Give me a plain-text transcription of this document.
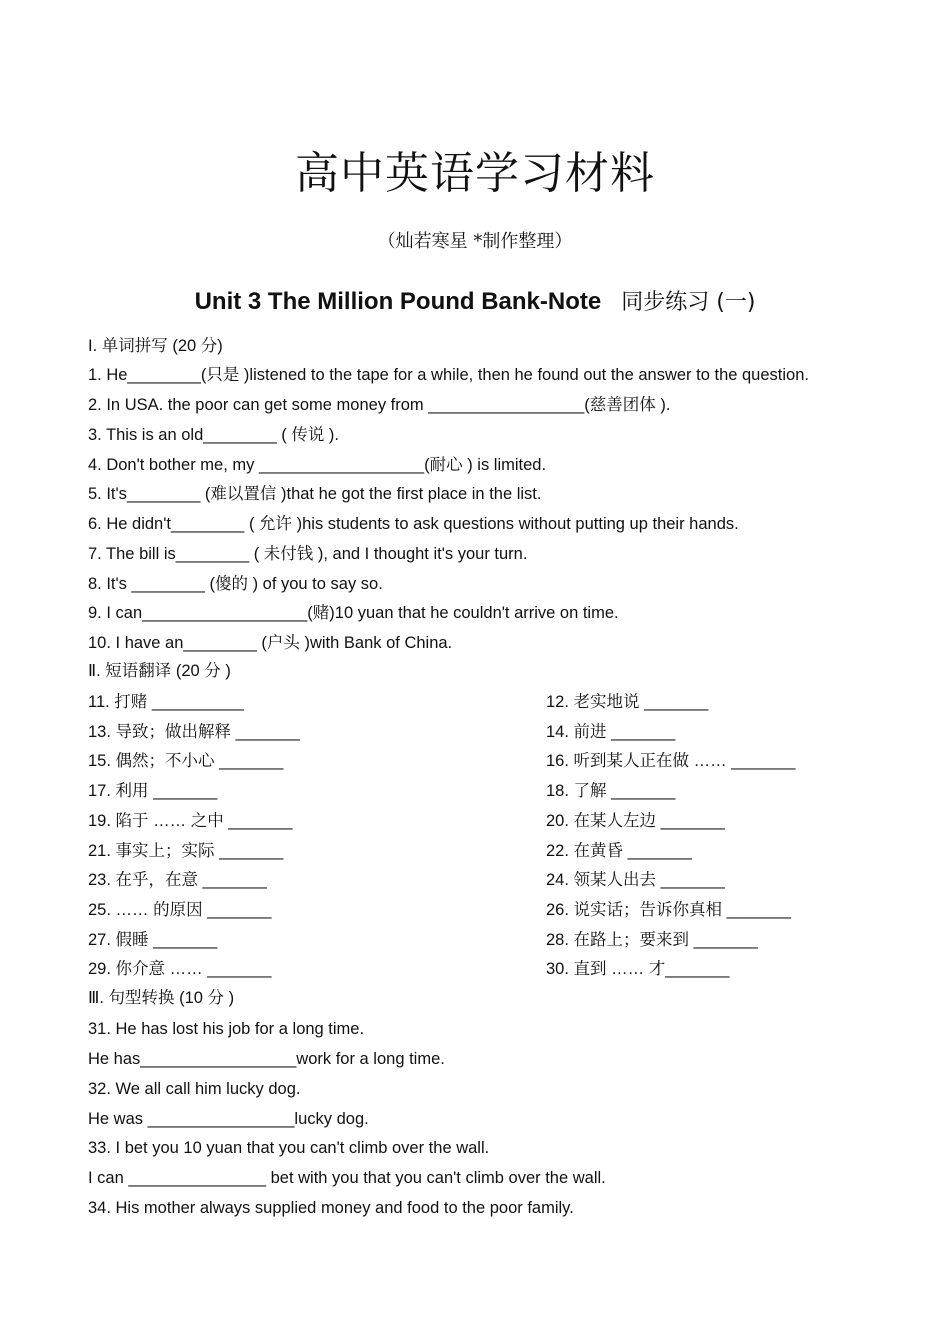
高中英语学习材料
（灿若寒星 *制作整理）
Unit 3 The Million Pound Bank-Note 同步练习 (一)
I. 单词拼写 (20 分)
1. He________(只是 )listened to the tape for a while, then he found out the answer to the question.
2. In USA. the poor can get some money from _________________(慈善团体 ).
3. This is an old________ ( 传说 ).
4. Don't bother me, my __________________(耐心 ) is limited.
5. It's________ (难以置信 )that he got the first place in the list.
6. He didn't________ ( 允许 )his students to ask questions without putting up their hands.
7. The bill is________ ( 未付钱 ), and I thought it's your turn.
8. It's ________ (傻的 ) of you to say so.
9. I can__________________(赌)10 yuan that he couldn't arrive on time.
10. I have an________ (户头 )with Bank of China.
Ⅱ. 短语翻译 (20 分 )
11. 打赌 __________	12. 老实地说 _______
13. 导致；做出解释 _______	14. 前进 _______
15. 偶然；不小心 _______	16. 听到某人正在做 …… _______
17. 利用 _______	18. 了解 _______
19. 陷于 …… 之中 _______	20. 在某人左边 _______
21. 事实上；实际 _______	22. 在黄昏 _______
23. 在乎，在意 _______	24. 领某人出去 _______
25. …… 的原因 _______	26. 说实话；告诉你真相 _______
27. 假睡 _______	28. 在路上；要来到 _______
29. 你介意 …… _______	30. 直到 …… 才_______
Ⅲ. 句型转换 (10 分 )
31. He has lost his job for a long time.
He has_________________work for a long time.
32. We all call him lucky dog.
He was ________________lucky dog.
33. I bet you 10 yuan that you can't climb over the wall.
I can _______________ bet with you that you can't climb over the wall.
34. His mother always supplied money and food to the poor family.
